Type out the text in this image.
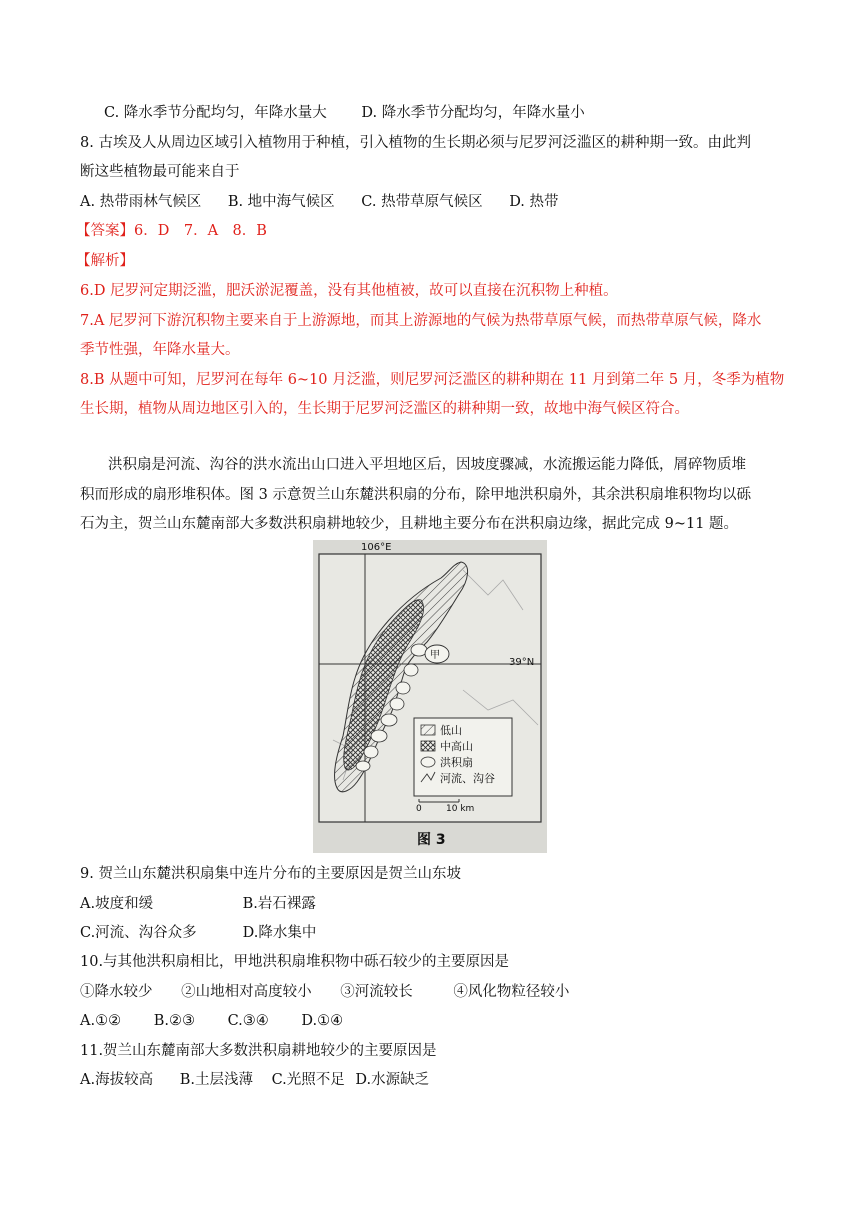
C. 降水季节分配均匀，年降水量大 D. 降水季节分配均匀，年降水量小
8. 古埃及人从周边区域引入植物用于种植，引入植物的生长期必须与尼罗河泛滥区的耕种期一致。由此判
断这些植物最可能来自于
A. 热带雨林气候区 B. 地中海气候区 C. 热带草原气候区 D. 热带
【答案】6．D　7．A　8．B
【解析】
6.D 尼罗河定期泛滥，肥沃淤泥覆盖，没有其他植被，故可以直接在沉积物上种植。
7.A 尼罗河下游沉积物主要来自于上游源地，而其上游源地的气候为热带草原气候，而热带草原气候，降水
季节性强，年降水量大。
8.B 从题中可知，尼罗河在每年 6~10 月泛滥，则尼罗河泛滥区的耕种期在 11 月到第二年 5 月，冬季为植物
生长期，植物从周边地区引入的，生长期于尼罗河泛滥区的耕种期一致，故地中海气候区符合。
洪积扇是河流、沟谷的洪水流出山口进入平坦地区后，因坡度骤减，水流搬运能力降低，屑碎物质堆
积而形成的扇形堆积体。图 3 示意贺兰山东麓洪积扇的分布，除甲地洪积扇外，其余洪积扇堆积物均以砾
石为主，贺兰山东麓南部大多数洪积扇耕地较少，且耕地主要分布在洪积扇边缘，据此完成 9~11 题。
106°E
39°N
甲
低山
中高山
洪积扇
河流、沟谷
0	10 km
图 3
9. 贺兰山东麓洪积扇集中连片分布的主要原因是贺兰山东坡
A.坡度和缓	B.岩石裸露
C.河流、沟谷众多	D.降水集中
10.与其他洪积扇相比，甲地洪积扇堆积物中砾石较少的主要原因是
①降水较少 ②山地相对高度较小 ③河流较长	④风化物粒径较小
A.①② B.②③ C.③④ D.①④
11.贺兰山东麓南部大多数洪积扇耕地较少的主要原因是
A.海拔较高 B.土层浅薄 C.光照不足 D.水源缺乏
